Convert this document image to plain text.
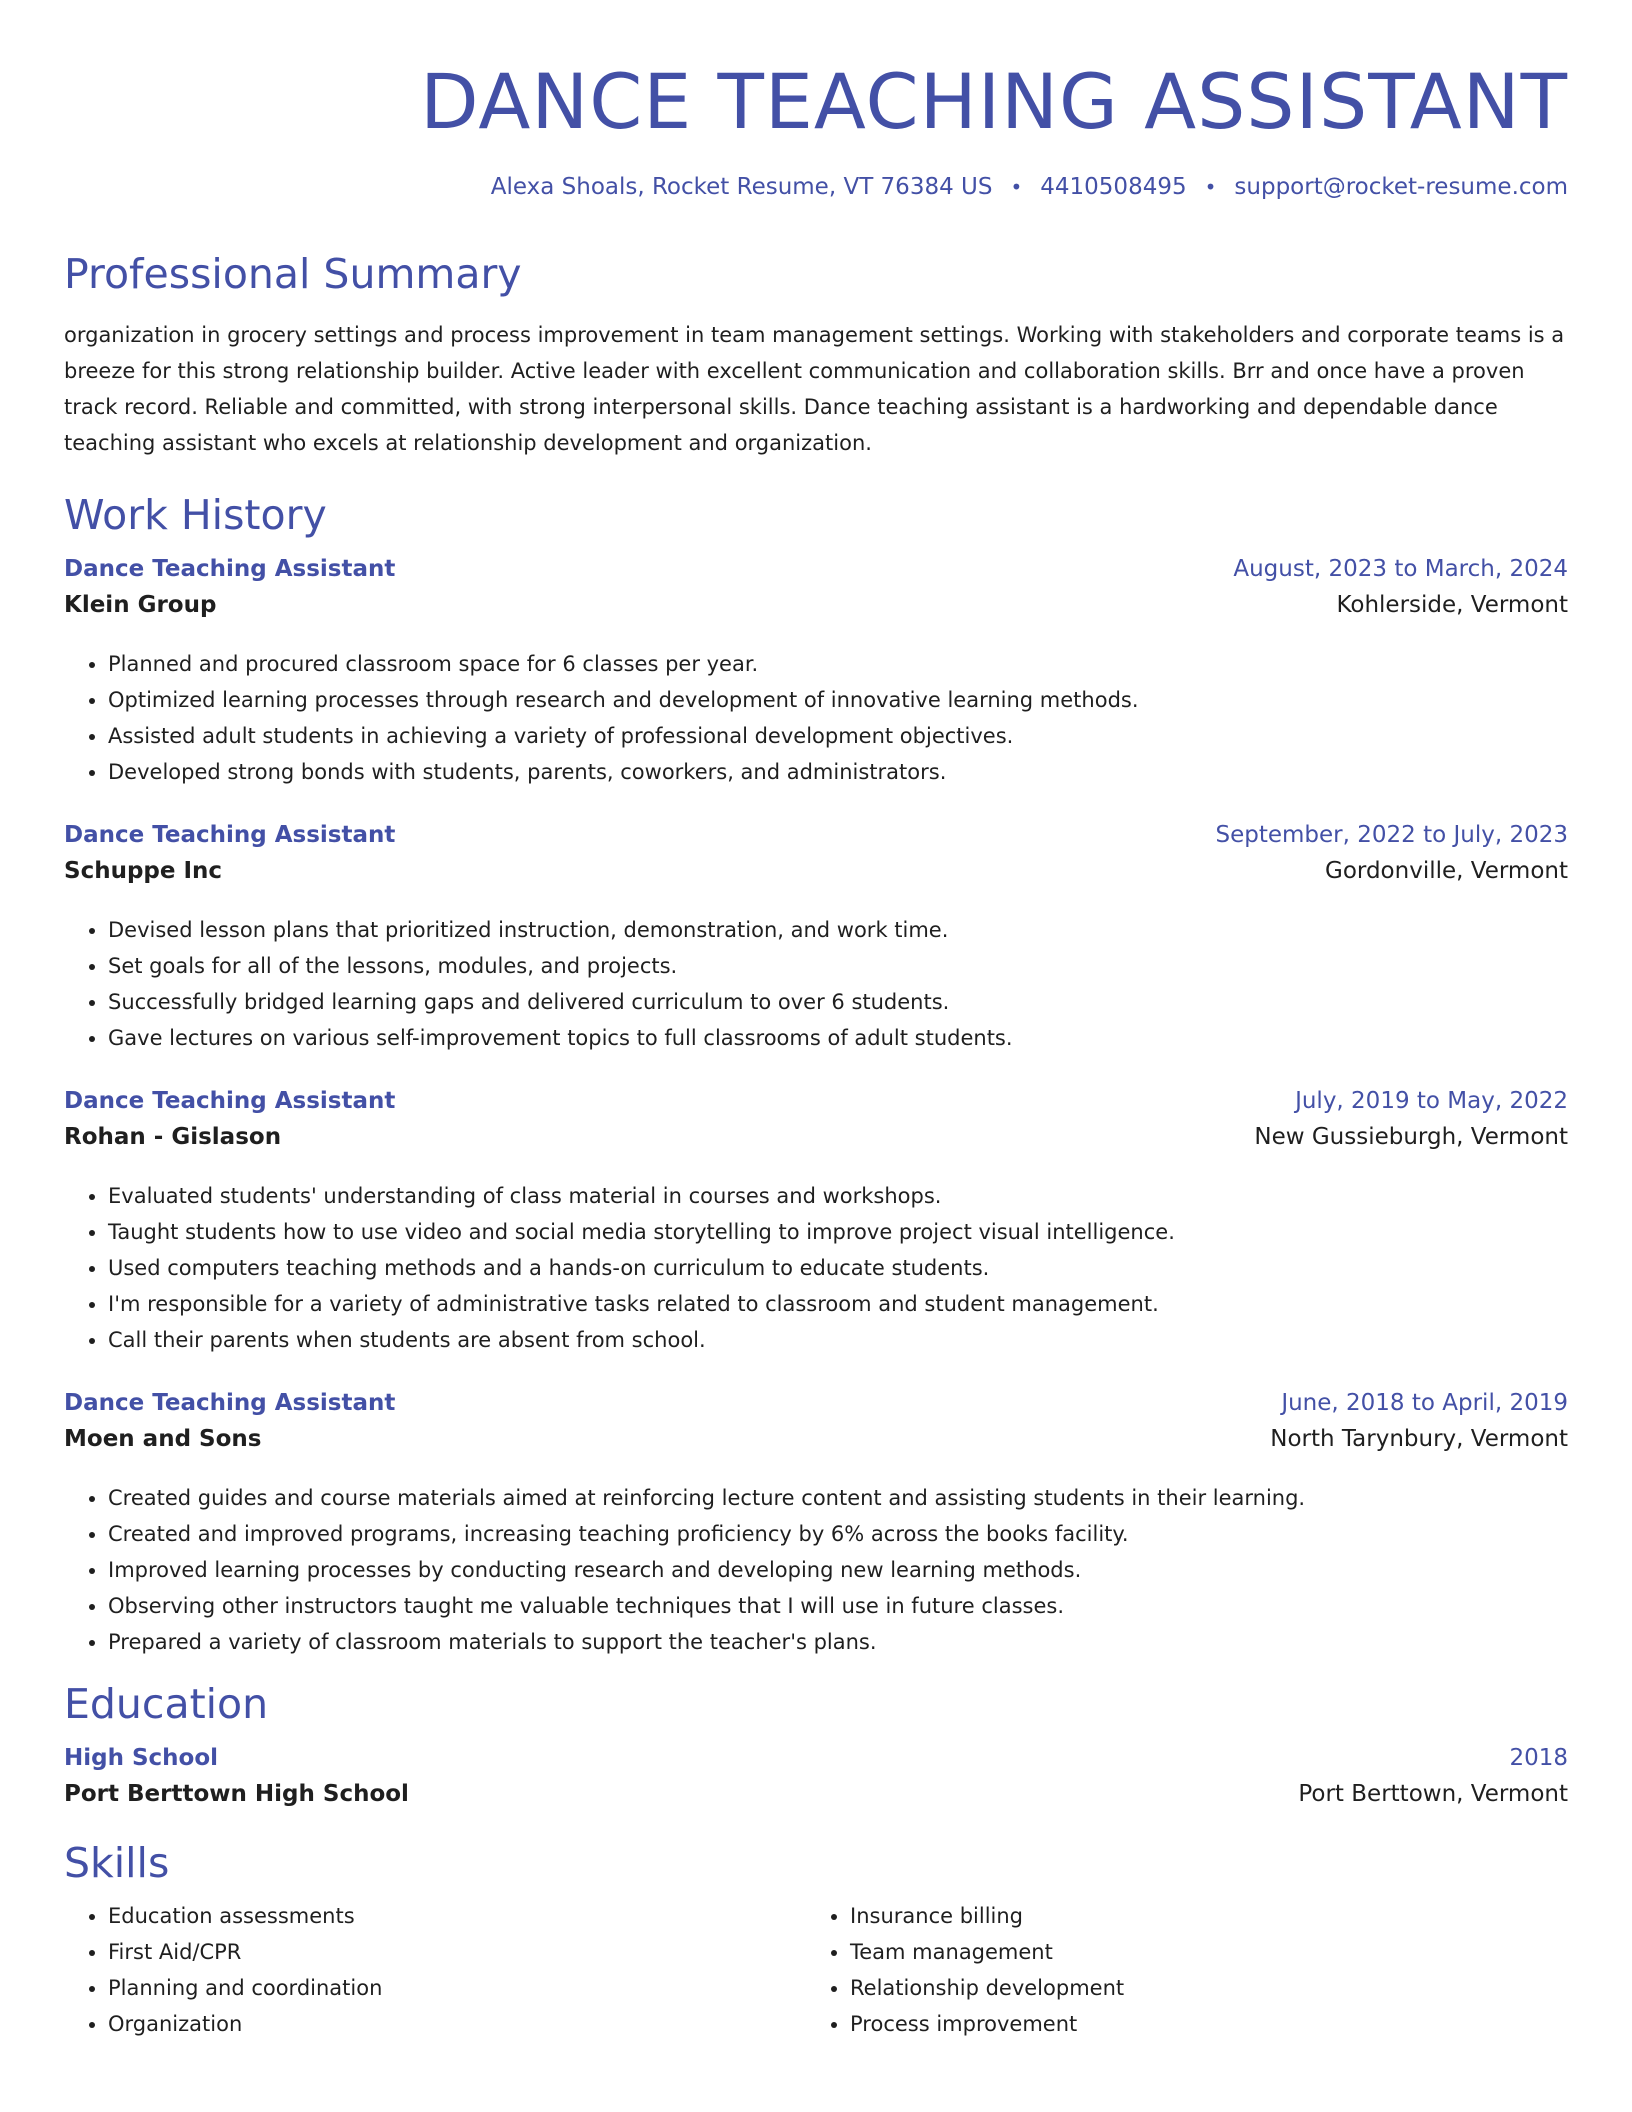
DANCE TEACHING ASSISTANT
Alexa Shoals, Rocket Resume, VT 76384 US • 4410508495 • support@rocket-resume.com
Professional Summary
organization in grocery settings and process improvement in team management settings. Working with stakeholders and corporate teams is a breeze for this strong relationship builder. Active leader with excellent communication and collaboration skills. Brr and once have a proven track record. Reliable and committed, with strong interpersonal skills. Dance teaching assistant is a hardworking and dependable dance teaching assistant who excels at relationship development and organization.
Work History
Dance Teaching Assistant	August, 2023 to March, 2024
Klein Group	Kohlerside, Vermont
• Planned and procured classroom space for 6 classes per year.
• Optimized learning processes through research and development of innovative learning methods.
• Assisted adult students in achieving a variety of professional development objectives.
• Developed strong bonds with students, parents, coworkers, and administrators.
Dance Teaching Assistant	September, 2022 to July, 2023
Schuppe Inc	Gordonville, Vermont
• Devised lesson plans that prioritized instruction, demonstration, and work time.
• Set goals for all of the lessons, modules, and projects.
• Successfully bridged learning gaps and delivered curriculum to over 6 students.
• Gave lectures on various self-improvement topics to full classrooms of adult students.
Dance Teaching Assistant	July, 2019 to May, 2022
Rohan - Gislason	New Gussieburgh, Vermont
• Evaluated students' understanding of class material in courses and workshops.
• Taught students how to use video and social media storytelling to improve project visual intelligence.
• Used computers teaching methods and a hands-on curriculum to educate students.
• I'm responsible for a variety of administrative tasks related to classroom and student management.
• Call their parents when students are absent from school.
Dance Teaching Assistant	June, 2018 to April, 2019
Moen and Sons	North Tarynbury, Vermont
• Created guides and course materials aimed at reinforcing lecture content and assisting students in their learning.
• Created and improved programs, increasing teaching proficiency by 6% across the books facility.
• Improved learning processes by conducting research and developing new learning methods.
• Observing other instructors taught me valuable techniques that I will use in future classes.
• Prepared a variety of classroom materials to support the teacher's plans.
Education
High School	2018
Port Berttown High School	Port Berttown, Vermont
Skills
• Education assessments
• First Aid/CPR
• Planning and coordination
• Organization
• Insurance billing
• Team management
• Relationship development
• Process improvement
